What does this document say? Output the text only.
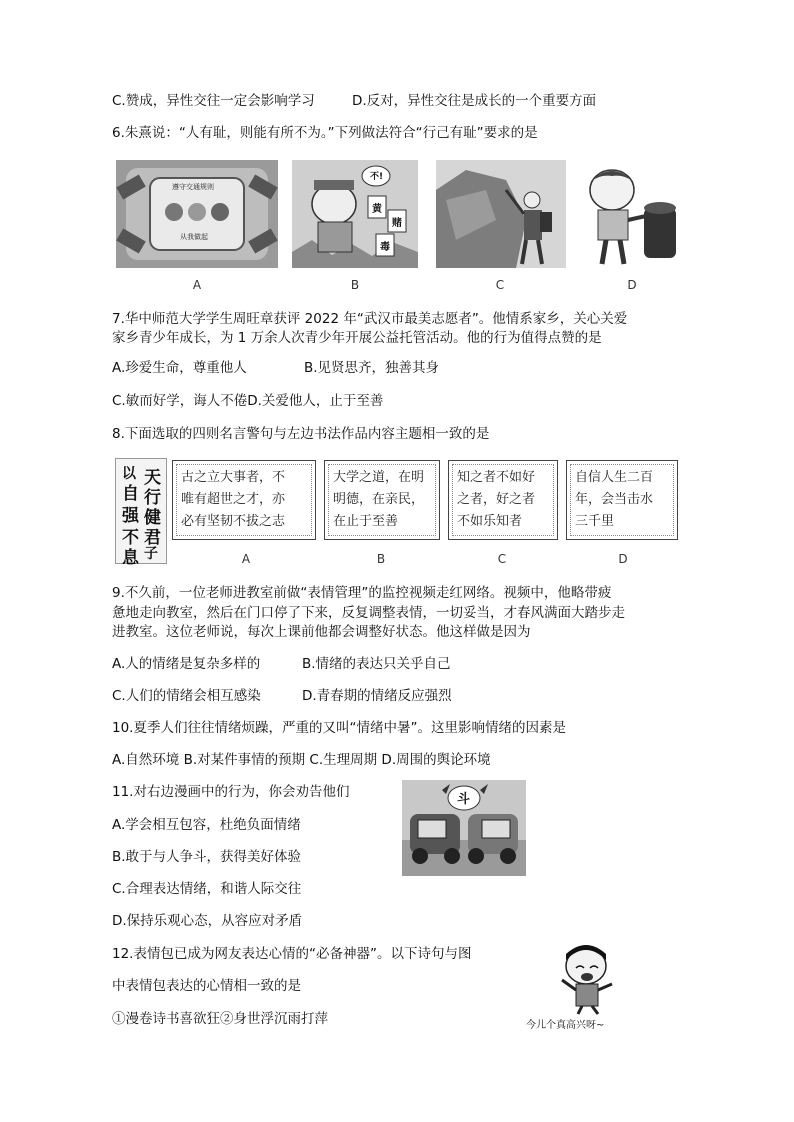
C.赞成，异性交往一定会影响学习	D.反对，异性交往是成长的一个重要方面
6.朱熹说：“人有耻，则能有所不为。”下列做法符合“行己有耻”要求的是
遵守交通规则
从我做起
不!
黄
赌
毒
A	B	C	D
7.华中师范大学学生周旺章获评 2022 年“武汉市最美志愿者”。他情系家乡，关心关爱
家乡青少年成长，为 1 万余人次青少年开展公益托管活动。他的行为值得点赞的是
A.珍爱生命，尊重他人	B.见贤思齐，独善其身
C.敏而好学，诲人不倦D.关爱他人，止于至善
8.下面选取的四则名言警句与左边书法作品内容主题相一致的是
天
行
健
君
子
以
自
强
不
息
古之立大事者，不
唯有超世之才，亦
必有坚韧不拔之志
大学之道，在明
明德，在亲民，
在止于至善
知之者不如好
之者，好之者
不如乐知者
自信人生二百
年，会当击水
三千里
A	B	C	D
9.不久前，一位老师进教室前做“表情管理”的监控视频走红网络。视频中，他略带疲
惫地走向教室，然后在门口停了下来，反复调整表情，一切妥当，才春风满面大踏步走
进教室。这位老师说，每次上课前他都会调整好状态。他这样做是因为
A.人的情绪是复杂多样的	B.情绪的表达只关乎自己
C.人们的情绪会相互感染	D.青春期的情绪反应强烈
10.夏季人们往往情绪烦躁，严重的又叫“情绪中暑”。这里影响情绪的因素是
A.自然环境 B.对某件事情的预期 C.生理周期 D.周围的舆论环境
11.对右边漫画中的行为，你会劝告他们
A.学会相互包容，杜绝负面情绪
B.敢于与人争斗，获得美好体验
C.合理表达情绪，和谐人际交往
D.保持乐观心态，从容应对矛盾
斗
12.表情包已成为网友表达心情的“必备神器”。以下诗句与图
中表情包表达的心情相一致的是
①漫卷诗书喜欲狂②身世浮沉雨打萍	今儿个真高兴呀~
